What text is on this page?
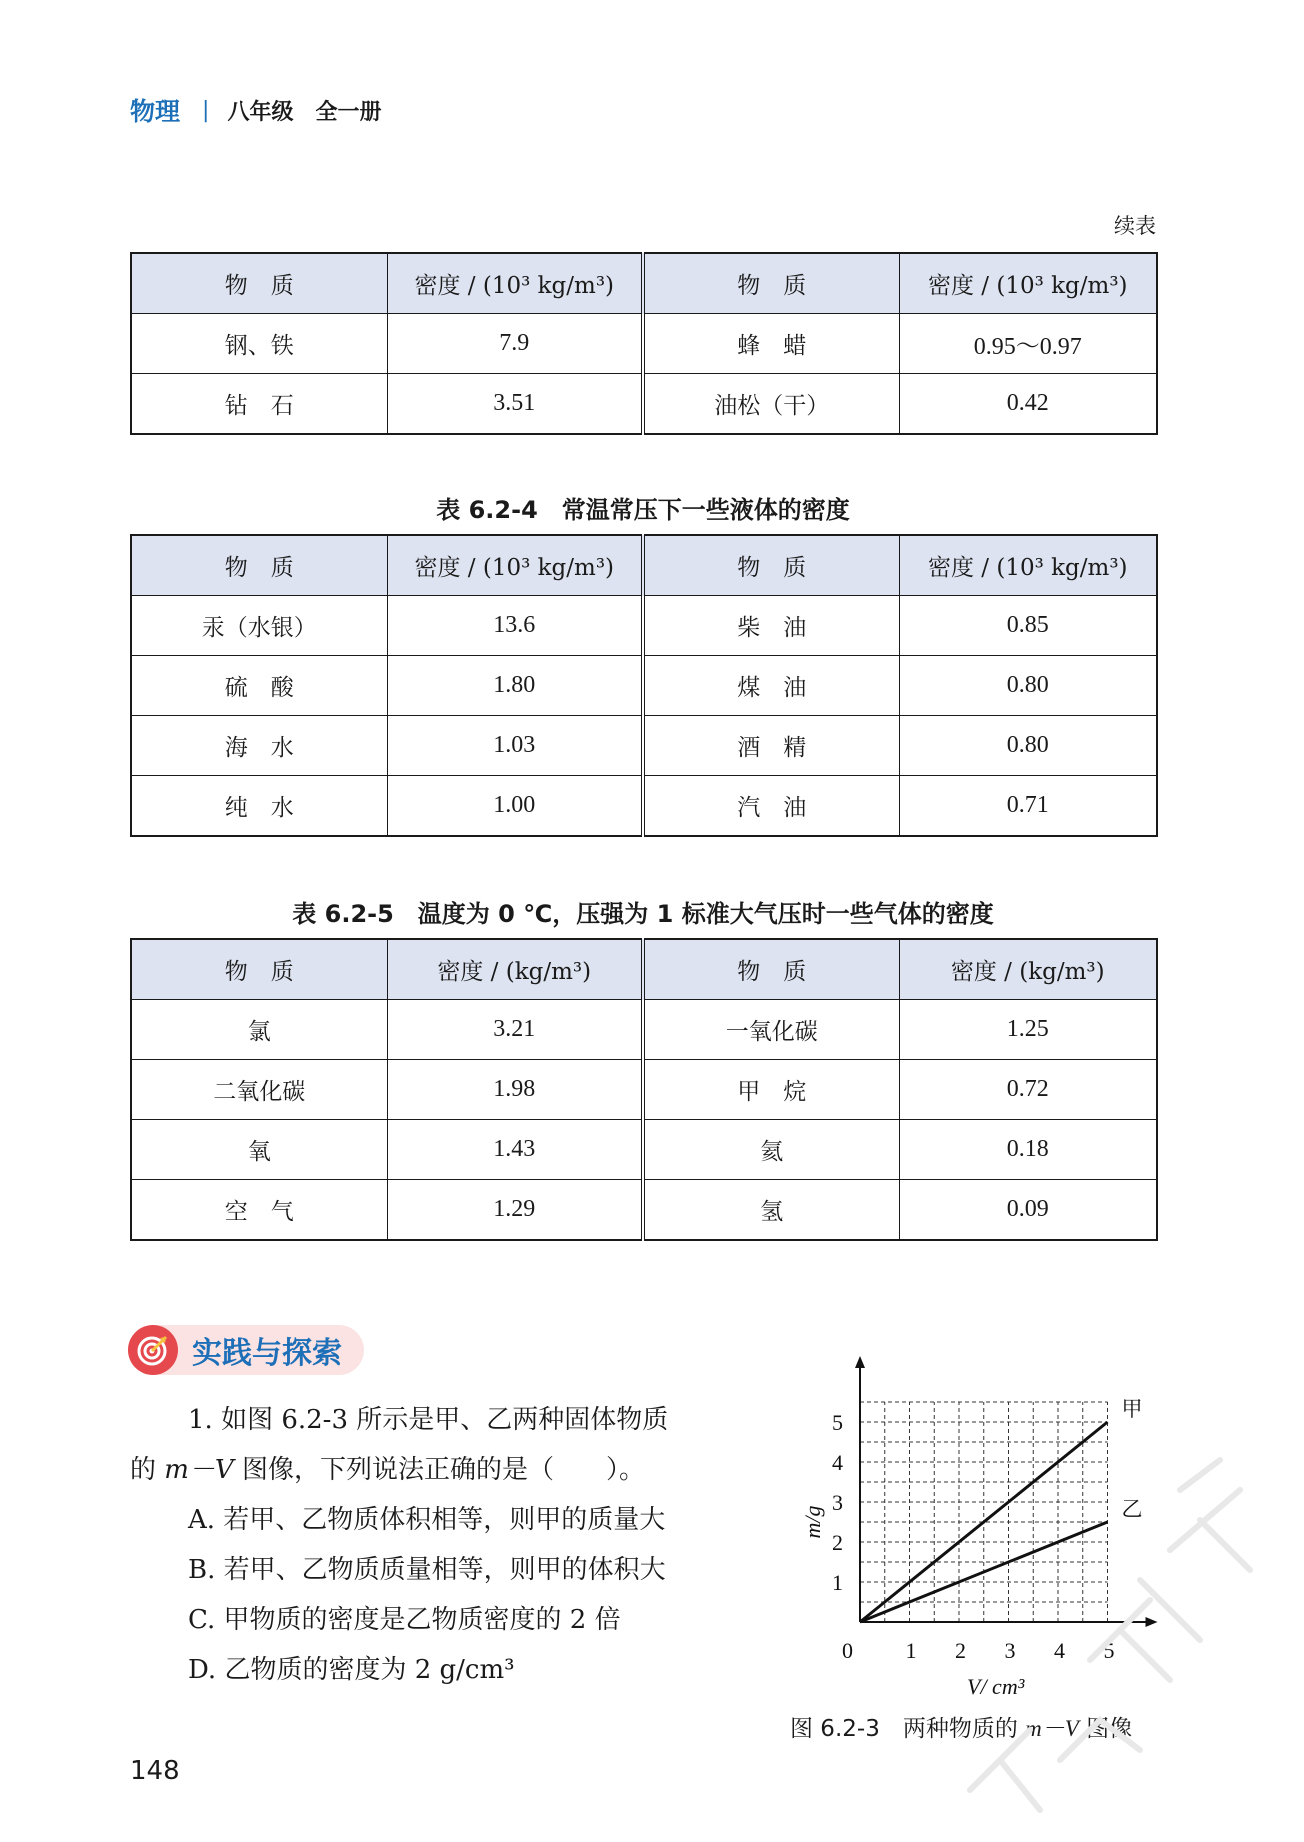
物理 | 八年级 全一册
续表
物　质	密度 / (10³ kg/m³)	物　质	密度 / (10³ kg/m³)
钢、铁	7.9	蜂　蜡	0.95～0.97
钻　石	3.51	油松（干）	0.42
表 6.2-4　常温常压下一些液体的密度
物　质	密度 / (10³ kg/m³)	物　质	密度 / (10³ kg/m³)
汞（水银）	13.6	柴　油	0.85
硫　酸	1.80	煤　油	0.80
海　水	1.03	酒　精	0.80
纯　水	1.00	汽　油	0.71
表 6.2-5　温度为 0 ℃，压强为 1 标准大气压时一些气体的密度
物　质	密度 / (kg/m³)	物　质	密度 / (kg/m³)
氯	3.21	一氧化碳	1.25
二氧化碳	1.98	甲　烷	0.72
氧	1.43	氦	0.18
空　气	1.29	氢	0.09
实践与探索
1. 如图 6.2-3 所示是甲、乙两种固体物质
的 m－V 图像，下列说法正确的是（　　）。
A. 若甲、乙物质体积相等，则甲的质量大
B. 若甲、乙物质质量相等，则甲的体积大
C. 甲物质的密度是乙物质密度的 2 倍
D. 乙物质的密度为 2 g/cm³
0 1 2 3 4 5
1
2
3
4
5
V/ cm³
m/g
甲
乙
图 6.2-3　两种物质的 m－V 图像
148
